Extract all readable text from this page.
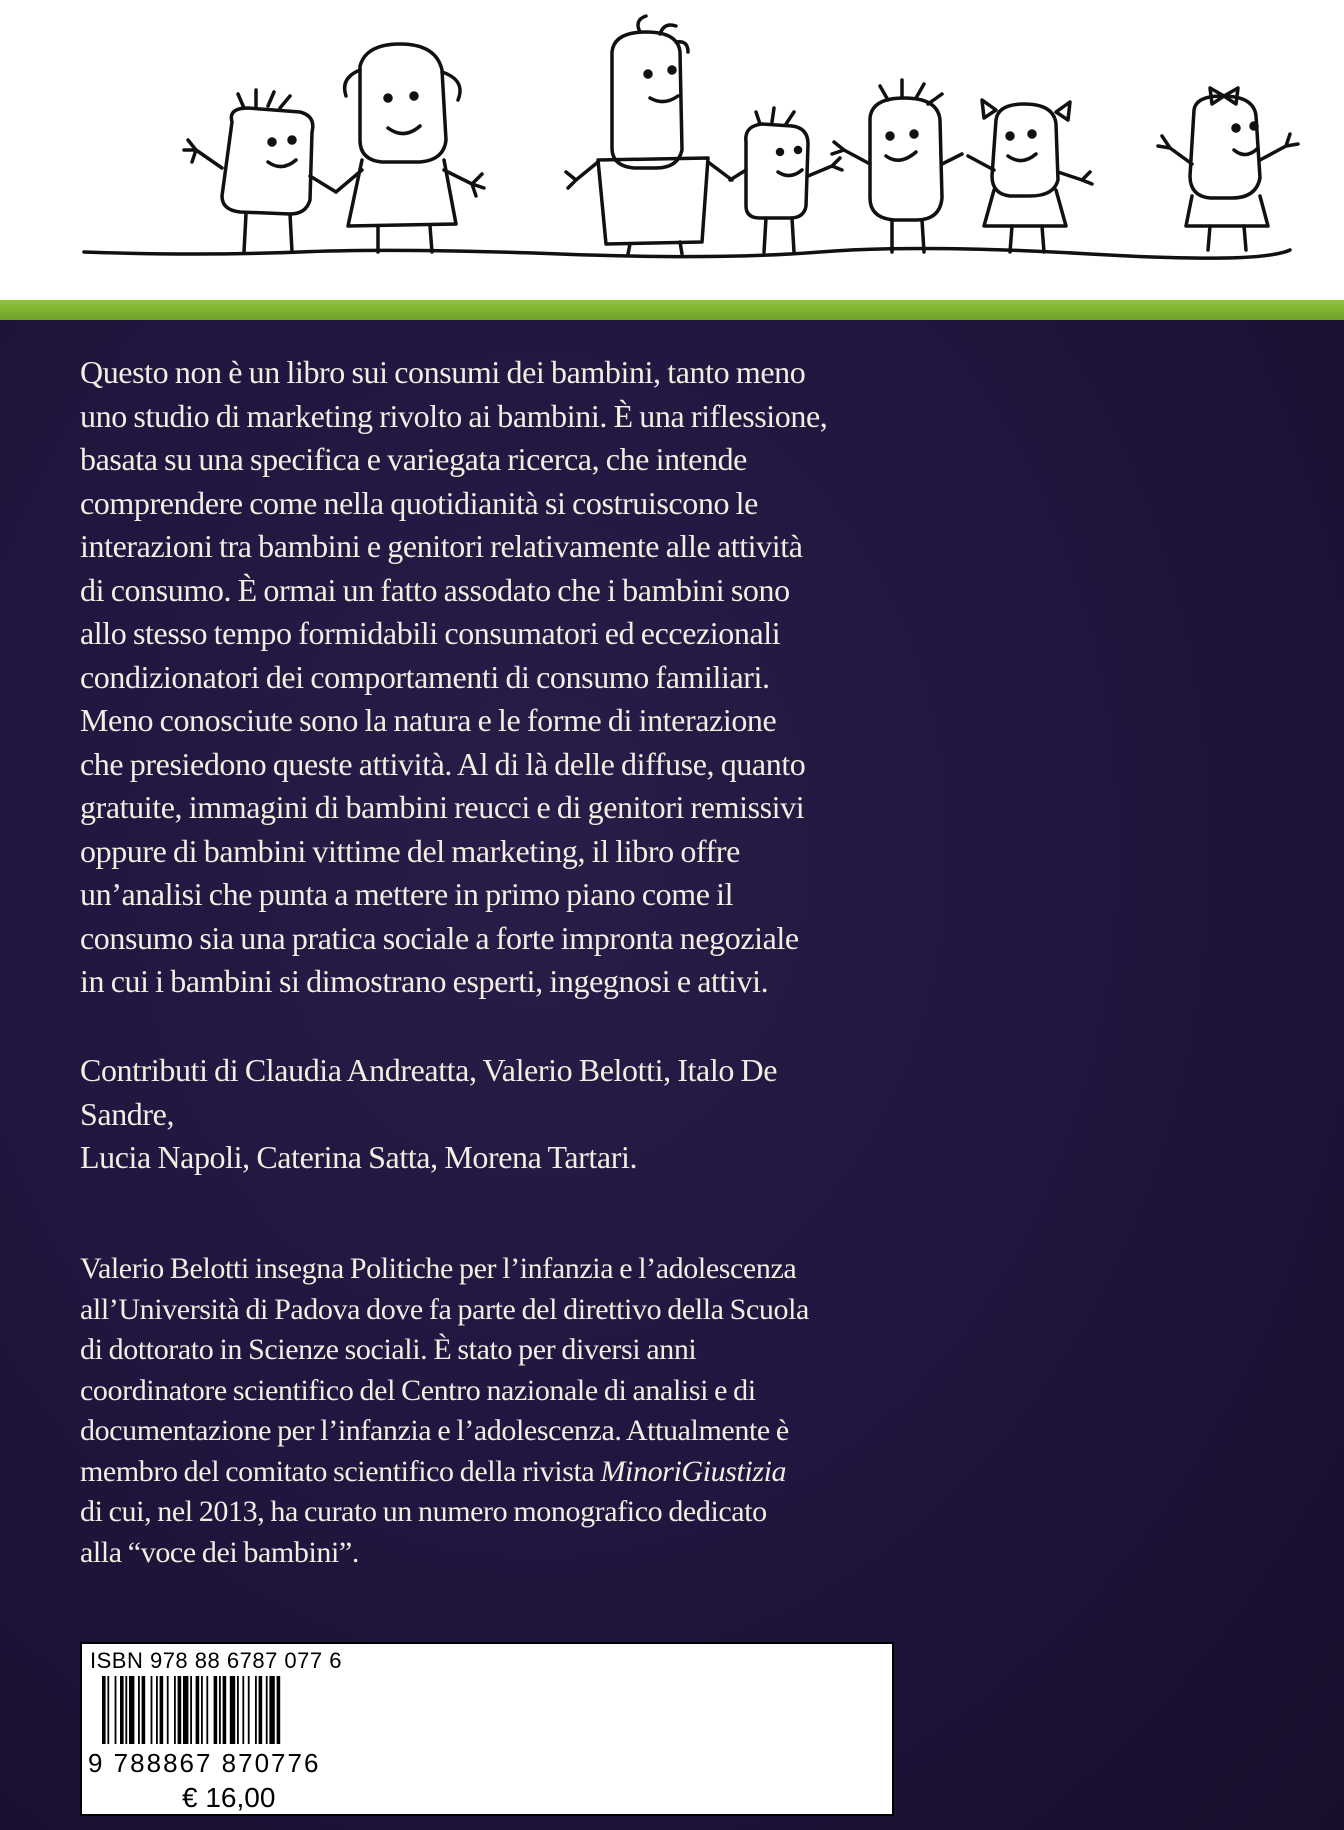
Questo non è un libro sui consumi dei bambini, tanto meno
uno studio di marketing rivolto ai bambini. È una riflessione,
basata su una specifica e variegata ricerca, che intende
comprendere come nella quotidianità si costruiscono le
interazioni tra bambini e genitori relativamente alle attività
di consumo. È ormai un fatto assodato che i bambini sono
allo stesso tempo formidabili consumatori ed eccezionali
condizionatori dei comportamenti di consumo familiari.
Meno conosciute sono la natura e le forme di interazione
che presiedono queste attività. Al di là delle diffuse, quanto
gratuite, immagini di bambini reucci e di genitori remissivi
oppure di bambini vittime del marketing, il libro offre
un’analisi che punta a mettere in primo piano come il
consumo sia una pratica sociale a forte impronta negoziale
in cui i bambini si dimostrano esperti, ingegnosi e attivi.
Contributi di Claudia Andreatta, Valerio Belotti, Italo De Sandre,
Lucia Napoli, Caterina Satta, Morena Tartari.
Valerio Belotti insegna Politiche per l’infanzia e l’adolescenza
all’Università di Padova dove fa parte del direttivo della Scuola
di dottorato in Scienze sociali. È stato per diversi anni
coordinatore scientifico del Centro nazionale di analisi e di
documentazione per l’infanzia e l’adolescenza. Attualmente è
membro del comitato scientifico della rivista MinoriGiustizia
di cui, nel 2013, ha curato un numero monografico dedicato
alla “voce dei bambini”.
ISBN 978 88 6787 077 6
9 788867 870776
€ 16,00
